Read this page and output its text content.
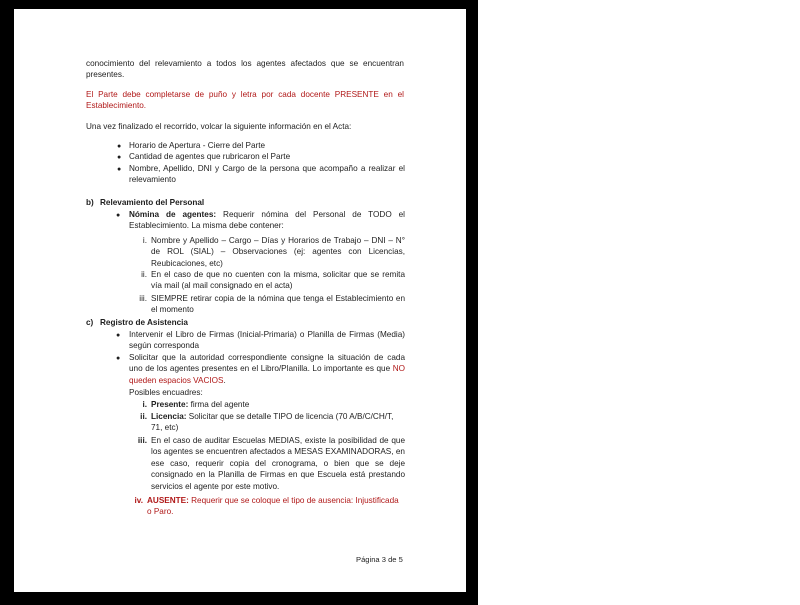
conocimiento del relevamiento a todos los agentes afectados que se encuentran presentes.
El Parte debe completarse de puño y letra por cada docente PRESENTE en el Establecimiento.
Una vez finalizado el recorrido, volcar la siguiente información en el Acta:
● Horario de Apertura - Cierre del Parte
● Cantidad de agentes que rubricaron el Parte
● Nombre, Apellido, DNI y Cargo de la persona que acompaño a realizar el relevamiento
b) Relevamiento del Personal
● Nómina de agentes: Requerir nómina del Personal de TODO el Establecimiento. La misma debe contener:
i. Nombre y Apellido – Cargo – Días y Horarios de Trabajo – DNI – N° de ROL (SIAL) – Observaciones (ej: agentes con Licencias, Reubicaciones, etc)
ii. En el caso de que no cuenten con la misma, solicitar que se remita vía mail (al mail consignado en el acta)
iii. SIEMPRE retirar copia de la nómina que tenga el Establecimiento en el momento
c) Registro de Asistencia
● Intervenir el Libro de Firmas (Inicial-Primaria) o Planilla de Firmas (Media) según corresponda
● Solicitar que la autoridad correspondiente consigne la situación de cada uno de los agentes presentes en el Libro/Planilla. Lo importante es que NO queden espacios VACIOS.
Posibles encuadres:
i. Presente: firma del agente
ii. Licencia: Solicitar que se detalle TIPO de licencia (70 A/B/C/CH/T, 71, etc)
iii. En el caso de auditar Escuelas MEDIAS, existe la posibilidad de que los agentes se encuentren afectados a MESAS EXAMINADORAS, en ese caso, requerir copia del cronograma, o bien que se deje consignado en la Planilla de Firmas en que Escuela está prestando servicios el agente por este motivo.
iv. AUSENTE: Requerir que se coloque el tipo de ausencia: Injustificada o Paro.
Página 3 de 5
